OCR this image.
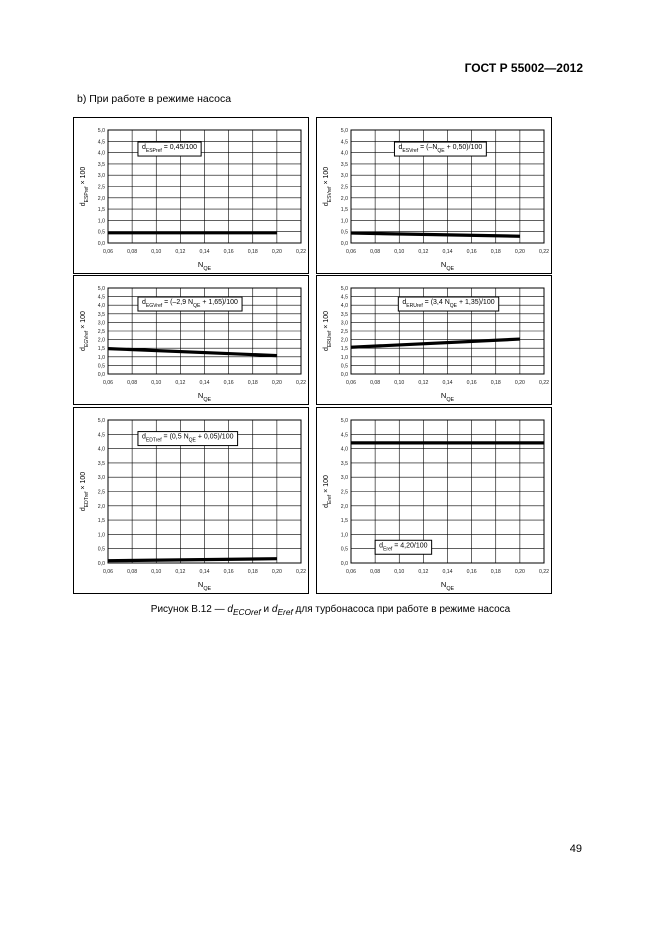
ГОСТ Р 55002—2012
b) При работе в режиме насоса
0,06	0,08	0,10	0,12	0,14	0,16	0,18	0,20	0,22
0,0
0,5
1,0
1,5
2,0
2,5
3,0
3,5
4,0
4,5
5,0
$d_{ESPref} = 0,45/100$
$N_{QE}$
$d_{ESPref} \times 100$
0,06	0,08	0,10	0,12	0,14	0,16	0,18	0,20	0,22
0,0
0,5
1,0
1,5
2,0
2,5
3,0
3,5
4,0
4,5
5,0
$d_{ESVref} = (-N_{QE} + 0,50)/100$
$N_{QE}$
$d_{ESVref} \times 100$
0,06	0,08	0,10	0,12	0,14	0,16	0,18	0,20	0,22
0,0
0,5
1,0
1,5
2,0
2,5
3,0
3,5
4,0
4,5
5,0
$d_{EGVref} = (-2,9$ $N_{QE} + 1,65)/100$
$N_{QE}$
$d_{EGVref} \times 100$
0,06	0,08	0,10	0,12	0,14	0,16	0,18	0,20	0,22
0,0
0,5
1,0
1,5
2,0
2,5
3,0
3,5
4,0
4,5
5,0
$d_{ERUref} = (3,4$ $N_{QE} + 1,35)/100$
$N_{QE}$
$d_{ERUref} \times 100$
0,06	0,08	0,10	0,12	0,14	0,16	0,18	0,20	0,22
0,0
0,5
1,0
1,5
2,0
2,5
3,0
3,5
4,0
4,5
5,0
$d_{EDTref} = (0,5$ $N_{QE} + 0,05)/100$
$N_{QE}$
$d_{EDTref} \times 100$
0,06	0,08	0,10	0,12	0,14	0,16	0,18	0,20	0,22
0,0
0,5
1,0
1,5
2,0
2,5
3,0
3,5
4,0
4,5
5,0
$d_{Eref} = 4,20/100$
$N_{QE}$
$d_{Eref} \times 100$
Рисунок В.12 — $d_{ECOref}$ и $d_{Eref}$ для турбонасоса при работе в режиме насоса
49
